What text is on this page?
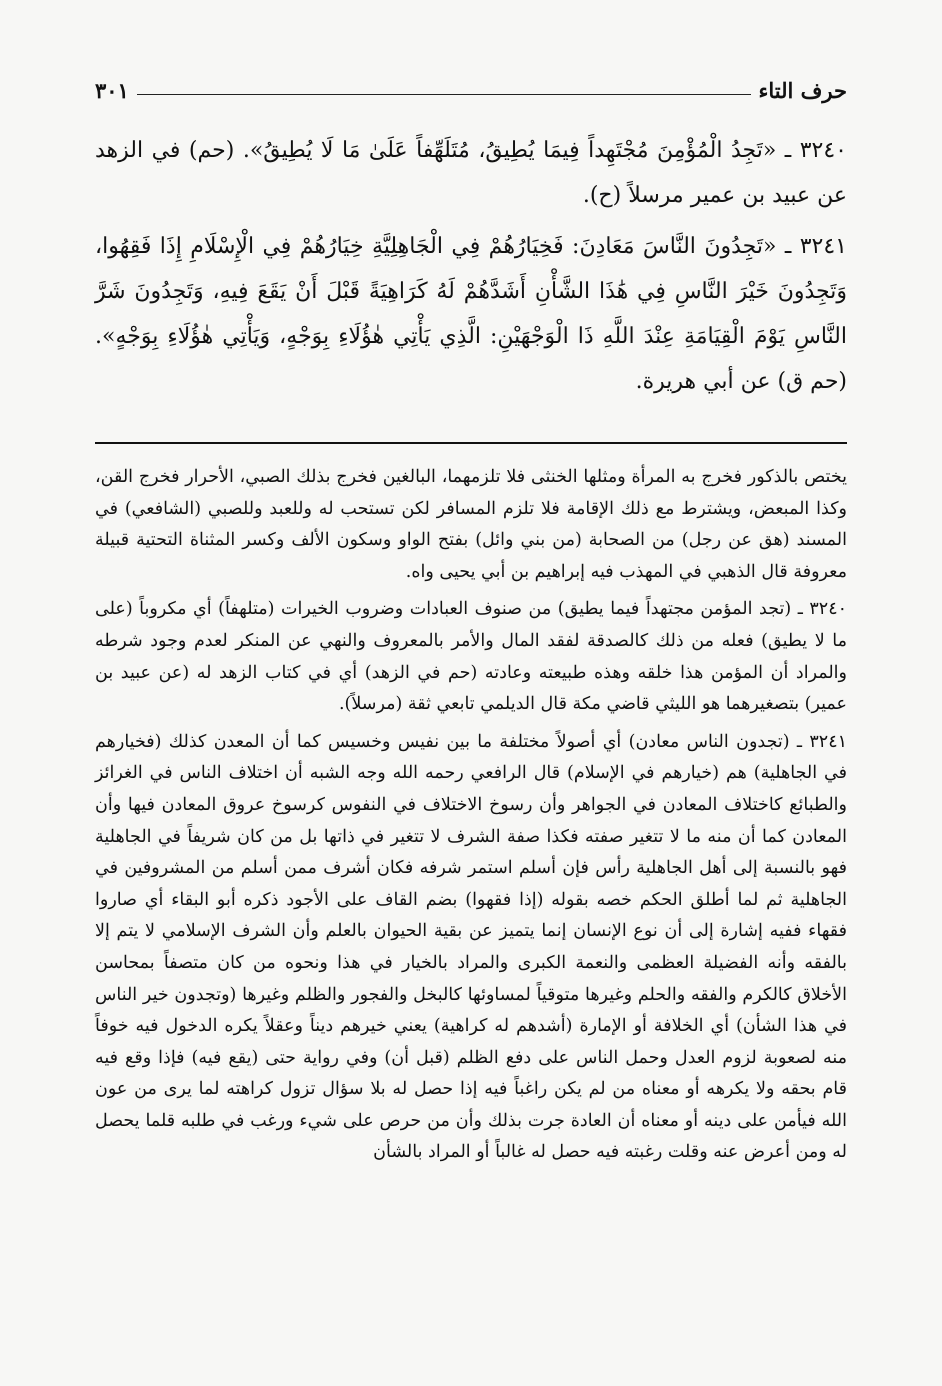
حرف التاء
٣٠١

٣٢٤٠ ـ «تَجِدُ الْمُؤْمِنَ مُجْتَهِداً فِيمَا يُطِيقُ، مُتَلَهِّفاً عَلَىٰ مَا لَا يُطِيقُ». (حم) في الزهد عن عبيد بن عمير مرسلاً (ح).

٣٢٤١ ـ «تَجِدُونَ النَّاسَ مَعَادِنَ: فَخِيَارُهُمْ فِي الْجَاهِلِيَّةِ خِيَارُهُمْ فِي الْإِسْلَامِ إِذَا فَقِهُوا، وَتَجِدُونَ خَيْرَ النَّاسِ فِي هَٰذَا الشَّأْنِ أَشَدَّهُمْ لَهُ كَرَاهِيَةً قَبْلَ أَنْ يَقَعَ فِيهِ، وَتَجِدُونَ شَرَّ النَّاسِ يَوْمَ الْقِيَامَةِ عِنْدَ اللَّهِ ذَا الْوَجْهَيْنِ: الَّذِي يَأْتِي هٰؤُلَاءِ بِوَجْهٍ، وَيَأْتِي هٰؤُلَاءِ بِوَجْهٍ». (حم ق) عن أبي هريرة.

يختص بالذكور فخرج به المرأة ومثلها الخنثى فلا تلزمهما، البالغين فخرج بذلك الصبي، الأحرار فخرج القن، وكذا المبعض، ويشترط مع ذلك الإقامة فلا تلزم المسافر لكن تستحب له وللعبد وللصبي (الشافعي) في المسند (هق عن رجل) من الصحابة (من بني وائل) بفتح الواو وسكون الألف وكسر المثناة التحتية قبيلة معروفة قال الذهبي في المهذب فيه إبراهيم بن أبي يحيى واه.

٣٢٤٠ ـ (تجد المؤمن مجتهداً فيما يطيق) من صنوف العبادات وضروب الخيرات (متلهفاً) أي مكروباً (على ما لا يطيق) فعله من ذلك كالصدقة لفقد المال والأمر بالمعروف والنهي عن المنكر لعدم وجود شرطه والمراد أن المؤمن هذا خلقه وهذه طبيعته وعادته (حم في الزهد) أي في كتاب الزهد له (عن عبيد بن عمير) بتصغيرهما هو الليثي قاضي مكة قال الديلمي تابعي ثقة (مرسلاً).

٣٢٤١ ـ (تجدون الناس معادن) أي أصولاً مختلفة ما بين نفيس وخسيس كما أن المعدن كذلك (فخيارهم في الجاهلية) هم (خيارهم في الإسلام) قال الرافعي رحمه الله وجه الشبه أن اختلاف الناس في الغرائز والطبائع كاختلاف المعادن في الجواهر وأن رسوخ الاختلاف في النفوس كرسوخ عروق المعادن فيها وأن المعادن كما أن منه ما لا تتغير صفته فكذا صفة الشرف لا تتغير في ذاتها بل من كان شريفاً في الجاهلية فهو بالنسبة إلى أهل الجاهلية رأس فإن أسلم استمر شرفه فكان أشرف ممن أسلم من المشروفين في الجاهلية ثم لما أطلق الحكم خصه بقوله (إذا فقهوا) بضم القاف على الأجود ذكره أبو البقاء أي صاروا فقهاء ففيه إشارة إلى أن نوع الإنسان إنما يتميز عن بقية الحيوان بالعلم وأن الشرف الإسلامي لا يتم إلا بالفقه وأنه الفضيلة العظمى والنعمة الكبرى والمراد بالخيار في هذا ونحوه من كان متصفاً بمحاسن الأخلاق كالكرم والفقه والحلم وغيرها متوقياً لمساوئها كالبخل والفجور والظلم وغيرها (وتجدون خير الناس في هذا الشأن) أي الخلافة أو الإمارة (أشدهم له كراهية) يعني خيرهم ديناً وعقلاً يكره الدخول فيه خوفاً منه لصعوبة لزوم العدل وحمل الناس على دفع الظلم (قبل أن) وفي رواية حتى (يقع فيه) فإذا وقع فيه قام بحقه ولا يكرهه أو معناه من لم يكن راغباً فيه إذا حصل له بلا سؤال تزول كراهته لما يرى من عون الله فيأمن على دينه أو معناه أن العادة جرت بذلك وأن من حرص على شيء ورغب في طلبه قلما يحصل له ومن أعرض عنه وقلت رغبته فيه حصل له غالباً أو المراد بالشأن
